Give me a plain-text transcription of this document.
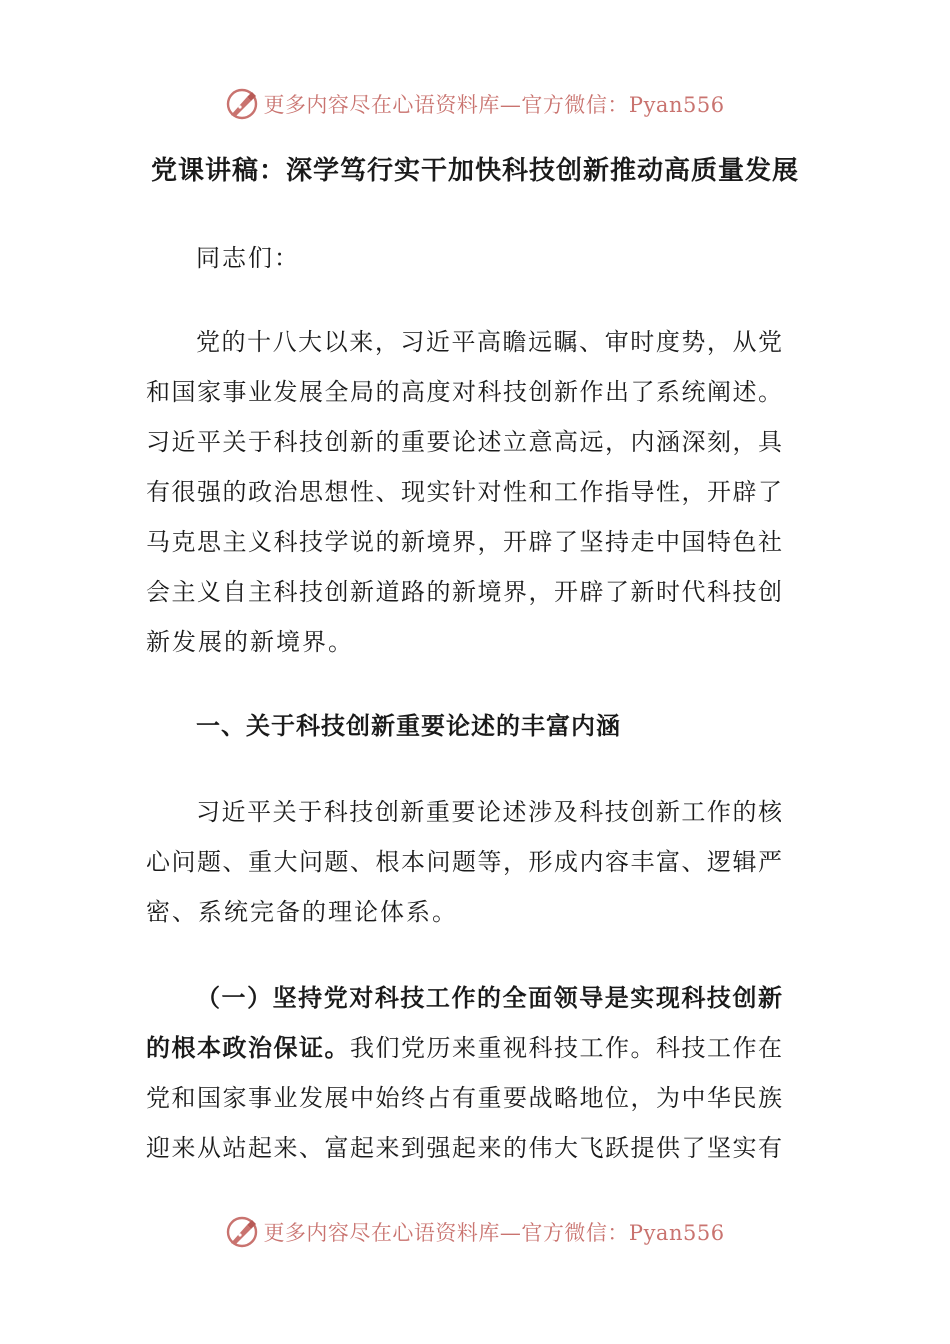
更多内容尽在心语资料库—官方微信：Pyan556
党课讲稿：深学笃行实干加快科技创新推动高质量发展
同志们：
党的十八大以来，习近平高瞻远瞩、审时度势，从党
和国家事业发展全局的高度对科技创新作出了系统阐述。
习近平关于科技创新的重要论述立意高远，内涵深刻，具
有很强的政治思想性、现实针对性和工作指导性，开辟了
马克思主义科技学说的新境界，开辟了坚持走中国特色社
会主义自主科技创新道路的新境界，开辟了新时代科技创
新发展的新境界。
一、关于科技创新重要论述的丰富内涵
习近平关于科技创新重要论述涉及科技创新工作的核
心问题、重大问题、根本问题等，形成内容丰富、逻辑严
密、系统完备的理论体系。
（一）坚持党对科技工作的全面领导是实现科技创新
的根本政治保证。我们党历来重视科技工作。科技工作在
党和国家事业发展中始终占有重要战略地位，为中华民族
迎来从站起来、富起来到强起来的伟大飞跃提供了坚实有
更多内容尽在心语资料库—官方微信：Pyan556
